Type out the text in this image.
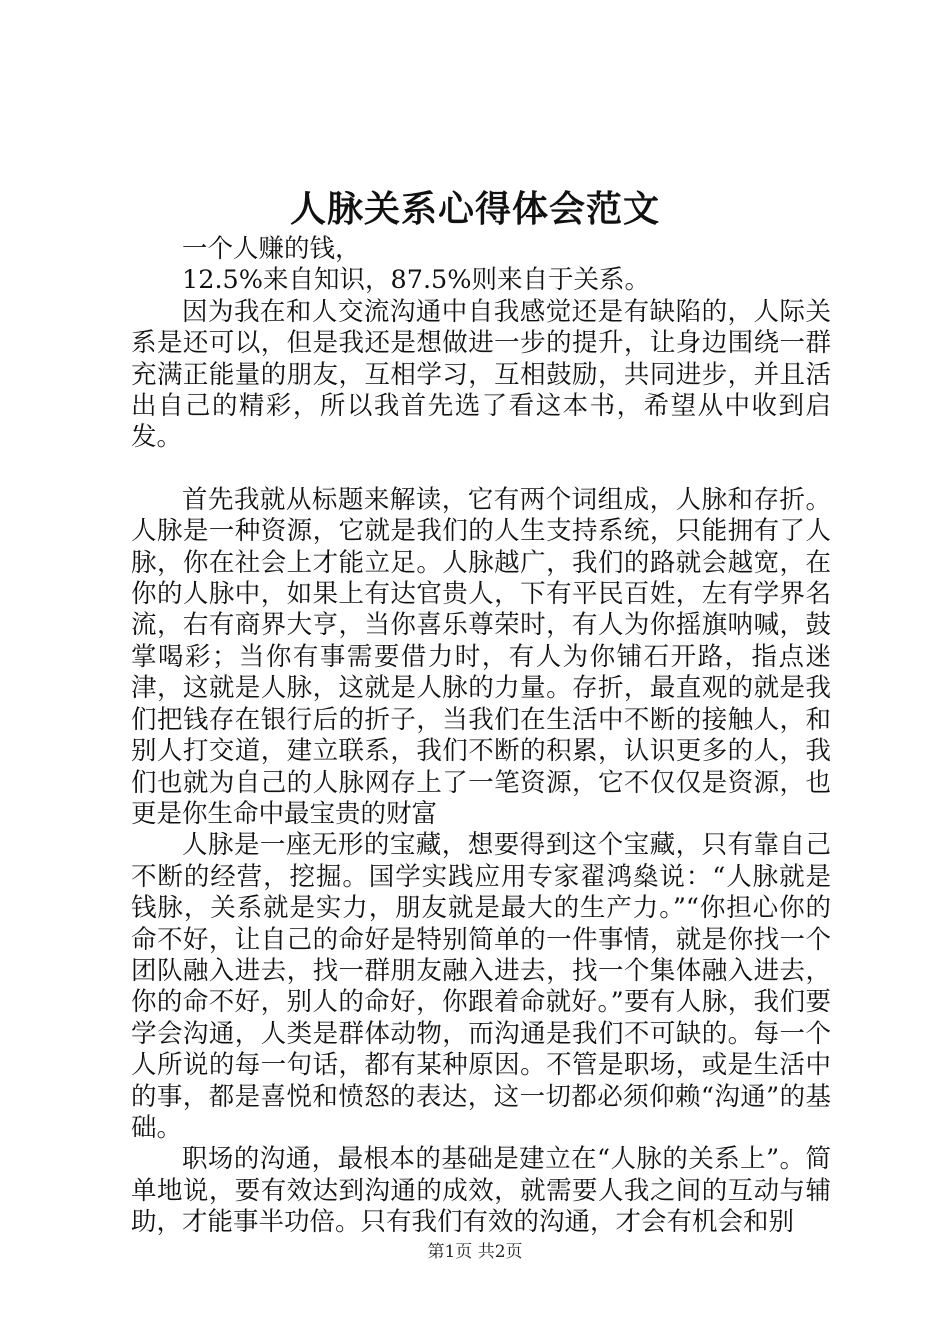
人脉关系心得体会范文

一个人赚的钱，

12.5%来自知识，87.5%则来自于关系。

因为我在和人交流沟通中自我感觉还是有缺陷的，人际关系是还可以，但是我还是想做进一步的提升，让身边围绕一群充满正能量的朋友，互相学习，互相鼓励，共同进步，并且活出自己的精彩，所以我首先选了看这本书，希望从中收到启发。

首先我就从标题来解读，它有两个词组成，人脉和存折。人脉是一种资源，它就是我们的人生支持系统，只能拥有了人脉，你在社会上才能立足。人脉越广，我们的路就会越宽，在你的人脉中，如果上有达官贵人，下有平民百姓，左有学界名流，右有商界大亨，当你喜乐尊荣时，有人为你摇旗呐喊，鼓掌喝彩；当你有事需要借力时，有人为你铺石开路，指点迷津，这就是人脉，这就是人脉的力量。存折，最直观的就是我们把钱存在银行后的折子，当我们在生活中不断的接触人，和别人打交道，建立联系，我们不断的积累，认识更多的人，我们也就为自己的人脉网存上了一笔资源，它不仅仅是资源，也更是你生命中最宝贵的财富

人脉是一座无形的宝藏，想要得到这个宝藏，只有靠自己不断的经营，挖掘。国学实践应用专家翟鸿燊说：“人脉就是钱脉，关系就是实力，朋友就是最大的生产力。”“你担心你的命不好，让自己的命好是特别简单的一件事情，就是你找一个团队融入进去，找一群朋友融入进去，找一个集体融入进去，你的命不好，别人的命好，你跟着命就好。”要有人脉，我们要学会沟通，人类是群体动物，而沟通是我们不可缺的。每一个人所说的每一句话，都有某种原因。不管是职场，或是生活中的事，都是喜悦和愤怒的表达，这一切都必须仰赖“沟通”的基础。

职场的沟通，最根本的基础是建立在“人脉的关系上”。简单地说，要有效达到沟通的成效，就需要人我之间的互动与辅助，才能事半功倍。只有我们有效的沟通，才会有机会和别

第1页 共2页
